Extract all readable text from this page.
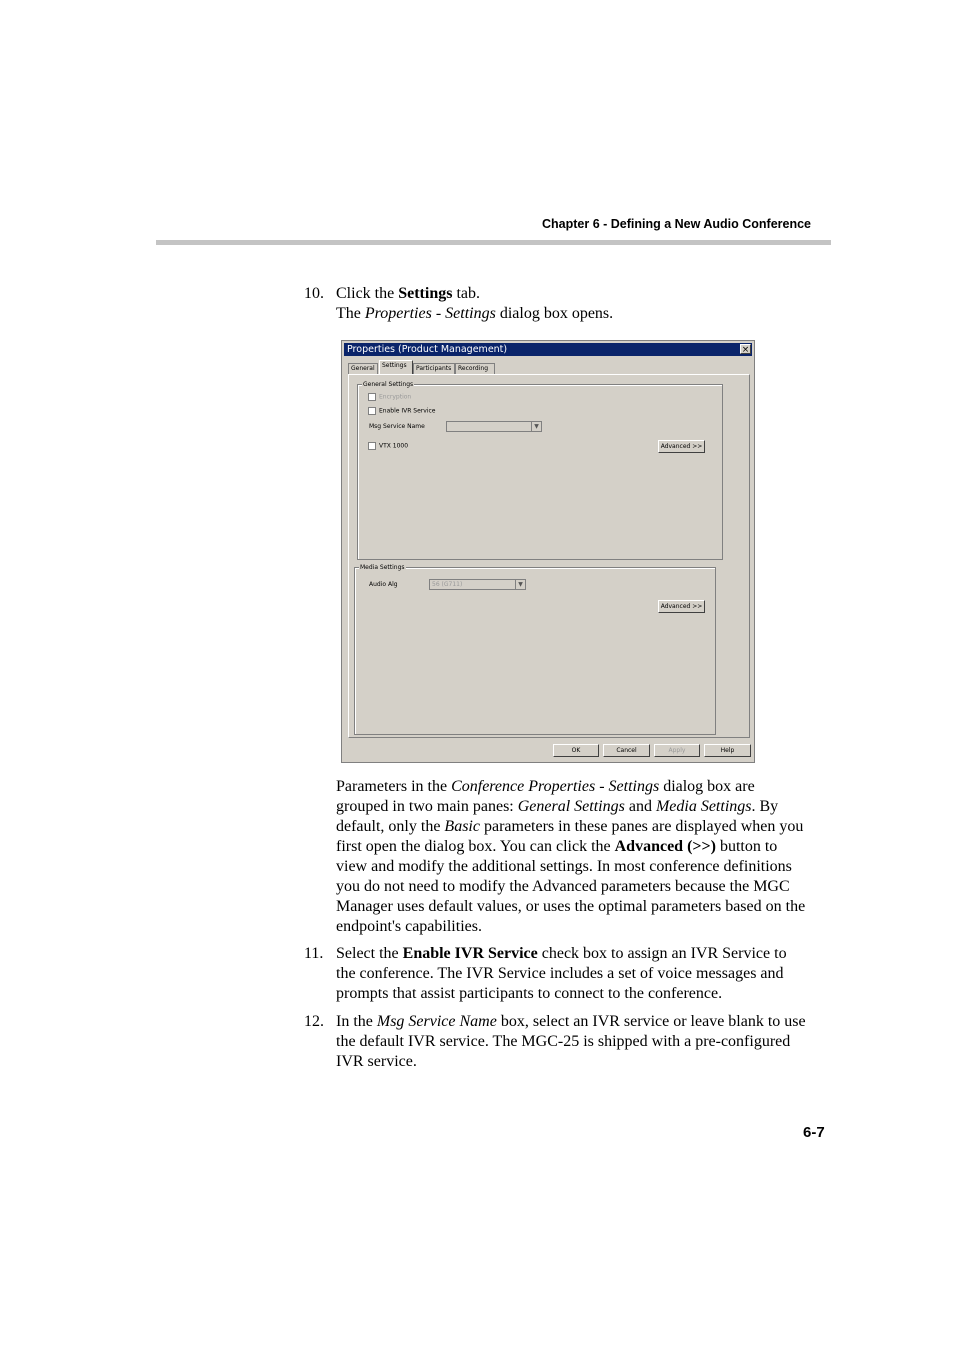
Chapter 6 - Defining a New Audio Conference
10. Click the Settings tab.
The Properties - Settings dialog box opens.
Properties (Product Management)	×
General	Settings	Participants	Recording
General Settings
Encryption
Enable IVR Service
Msg Service Name	▼
VTX 1000	Advanced >>
Media Settings
Audio Alg	56 (G711)	▼
Advanced >>
OK	Cancel	Apply	Help
Parameters in the Conference Properties - Settings dialog box are
grouped in two main panes: General Settings and Media Settings. By
default, only the Basic parameters in these panes are displayed when you
first open the dialog box. You can click the Advanced (>>) button to
view and modify the additional settings. In most conference definitions
you do not need to modify the Advanced parameters because the MGC
Manager uses default values, or uses the optimal parameters based on the
endpoint's capabilities.
11. Select the Enable IVR Service check box to assign an IVR Service to
the conference. The IVR Service includes a set of voice messages and
prompts that assist participants to connect to the conference.
12. In the Msg Service Name box, select an IVR service or leave blank to use
the default IVR service. The MGC-25 is shipped with a pre-configured
IVR service.
6-7
